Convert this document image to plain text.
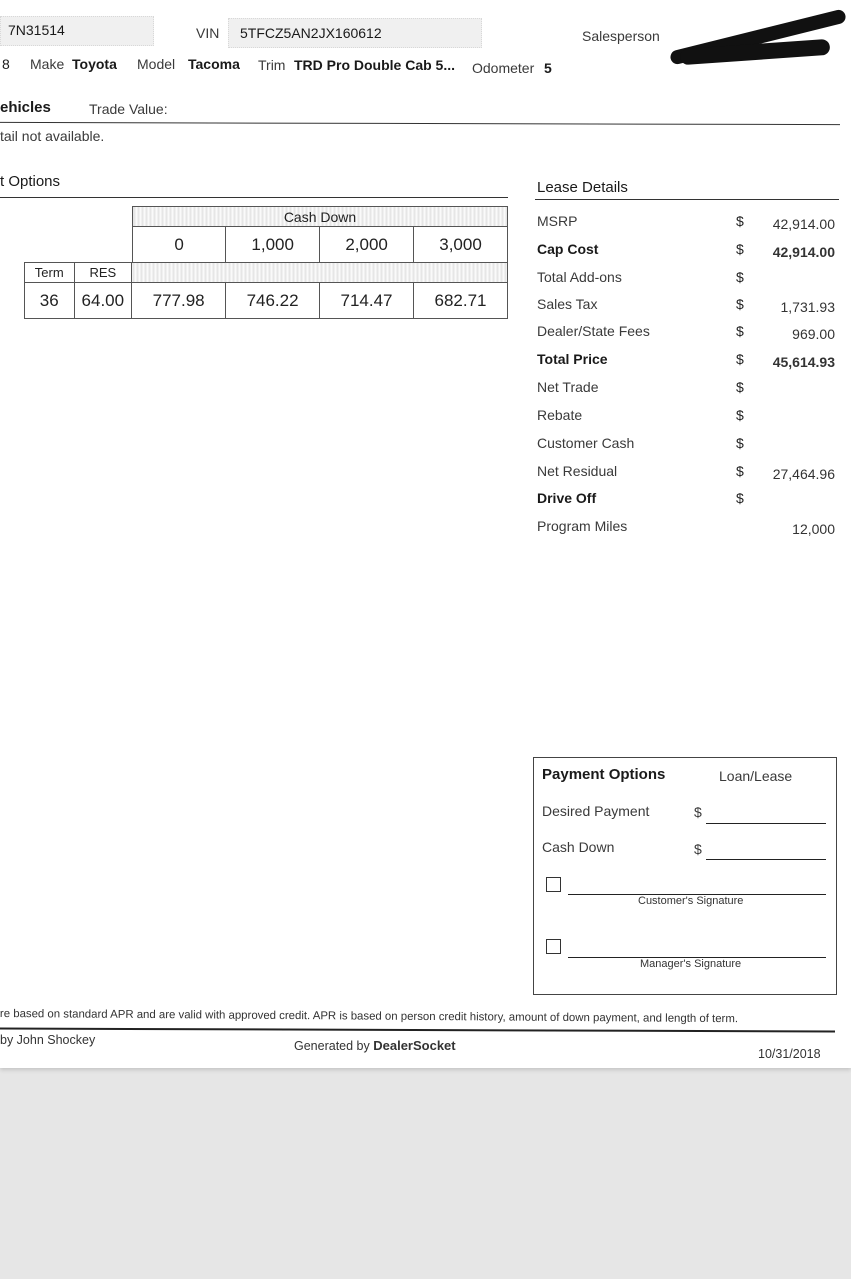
7N31514	VIN 5TFCZ5AN2JX160612	Salesperson
8 Make Toyota Model Tacoma Trim TRD Pro Double Cab 5... Odometer 5
ehicles	Trade Value:
tail not available.
t Options
Cash Down
0	1,000	2,000	3,000
Term	RES				
36	64.00	777.98	746.22	714.47	682.71
Lease Details
MSRP	$ 42,914.00
Cap Cost	$ 42,914.00
Total Add-ons	$
Sales Tax	$	1,731.93
Dealer/State Fees	$	969.00
Total Price	$ 45,614.93
Net Trade	$
Rebate	$
Customer Cash	$
Net Residual	$ 27,464.96
Drive Off	$
Program Miles	12,000
Payment Options	Loan/Lease
Desired Payment	$
Cash Down	$
Customer's Signature
Manager's Signature
re based on standard APR and are valid with approved credit. APR is based on person credit history, amount of down payment, and length of term.
by John Shockey	Generated by DealerSocket
10/31/2018
